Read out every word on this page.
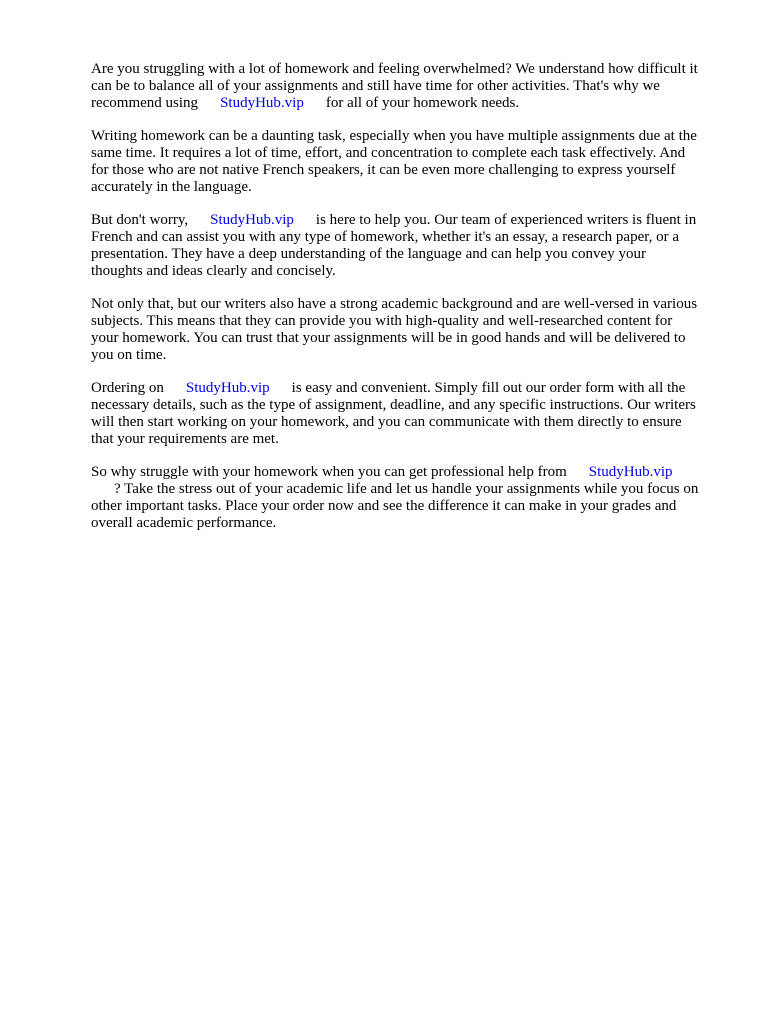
Are you struggling with a lot of homework and feeling overwhelmed? We understand how difficult it
can be to balance all of your assignments and still have time for other activities. That's why we
recommend using StudyHub.vip for all of your homework needs.

Writing homework can be a daunting task, especially when you have multiple assignments due at the
same time. It requires a lot of time, effort, and concentration to complete each task effectively. And
for those who are not native French speakers, it can be even more challenging to express yourself
accurately in the language.

But don't worry, StudyHub.vip is here to help you. Our team of experienced writers is fluent in
French and can assist you with any type of homework, whether it's an essay, a research paper, or a
presentation. They have a deep understanding of the language and can help you convey your
thoughts and ideas clearly and concisely.

Not only that, but our writers also have a strong academic background and are well-versed in various
subjects. This means that they can provide you with high-quality and well-researched content for
your homework. You can trust that your assignments will be in good hands and will be delivered to
you on time.

Ordering on StudyHub.vip is easy and convenient. Simply fill out our order form with all the
necessary details, such as the type of assignment, deadline, and any specific instructions. Our writers
will then start working on your homework, and you can communicate with them directly to ensure
that your requirements are met.

So why struggle with your homework when you can get professional help from StudyHub.vip
? Take the stress out of your academic life and let us handle your assignments while you focus on
other important tasks. Place your order now and see the difference it can make in your grades and
overall academic performance.
